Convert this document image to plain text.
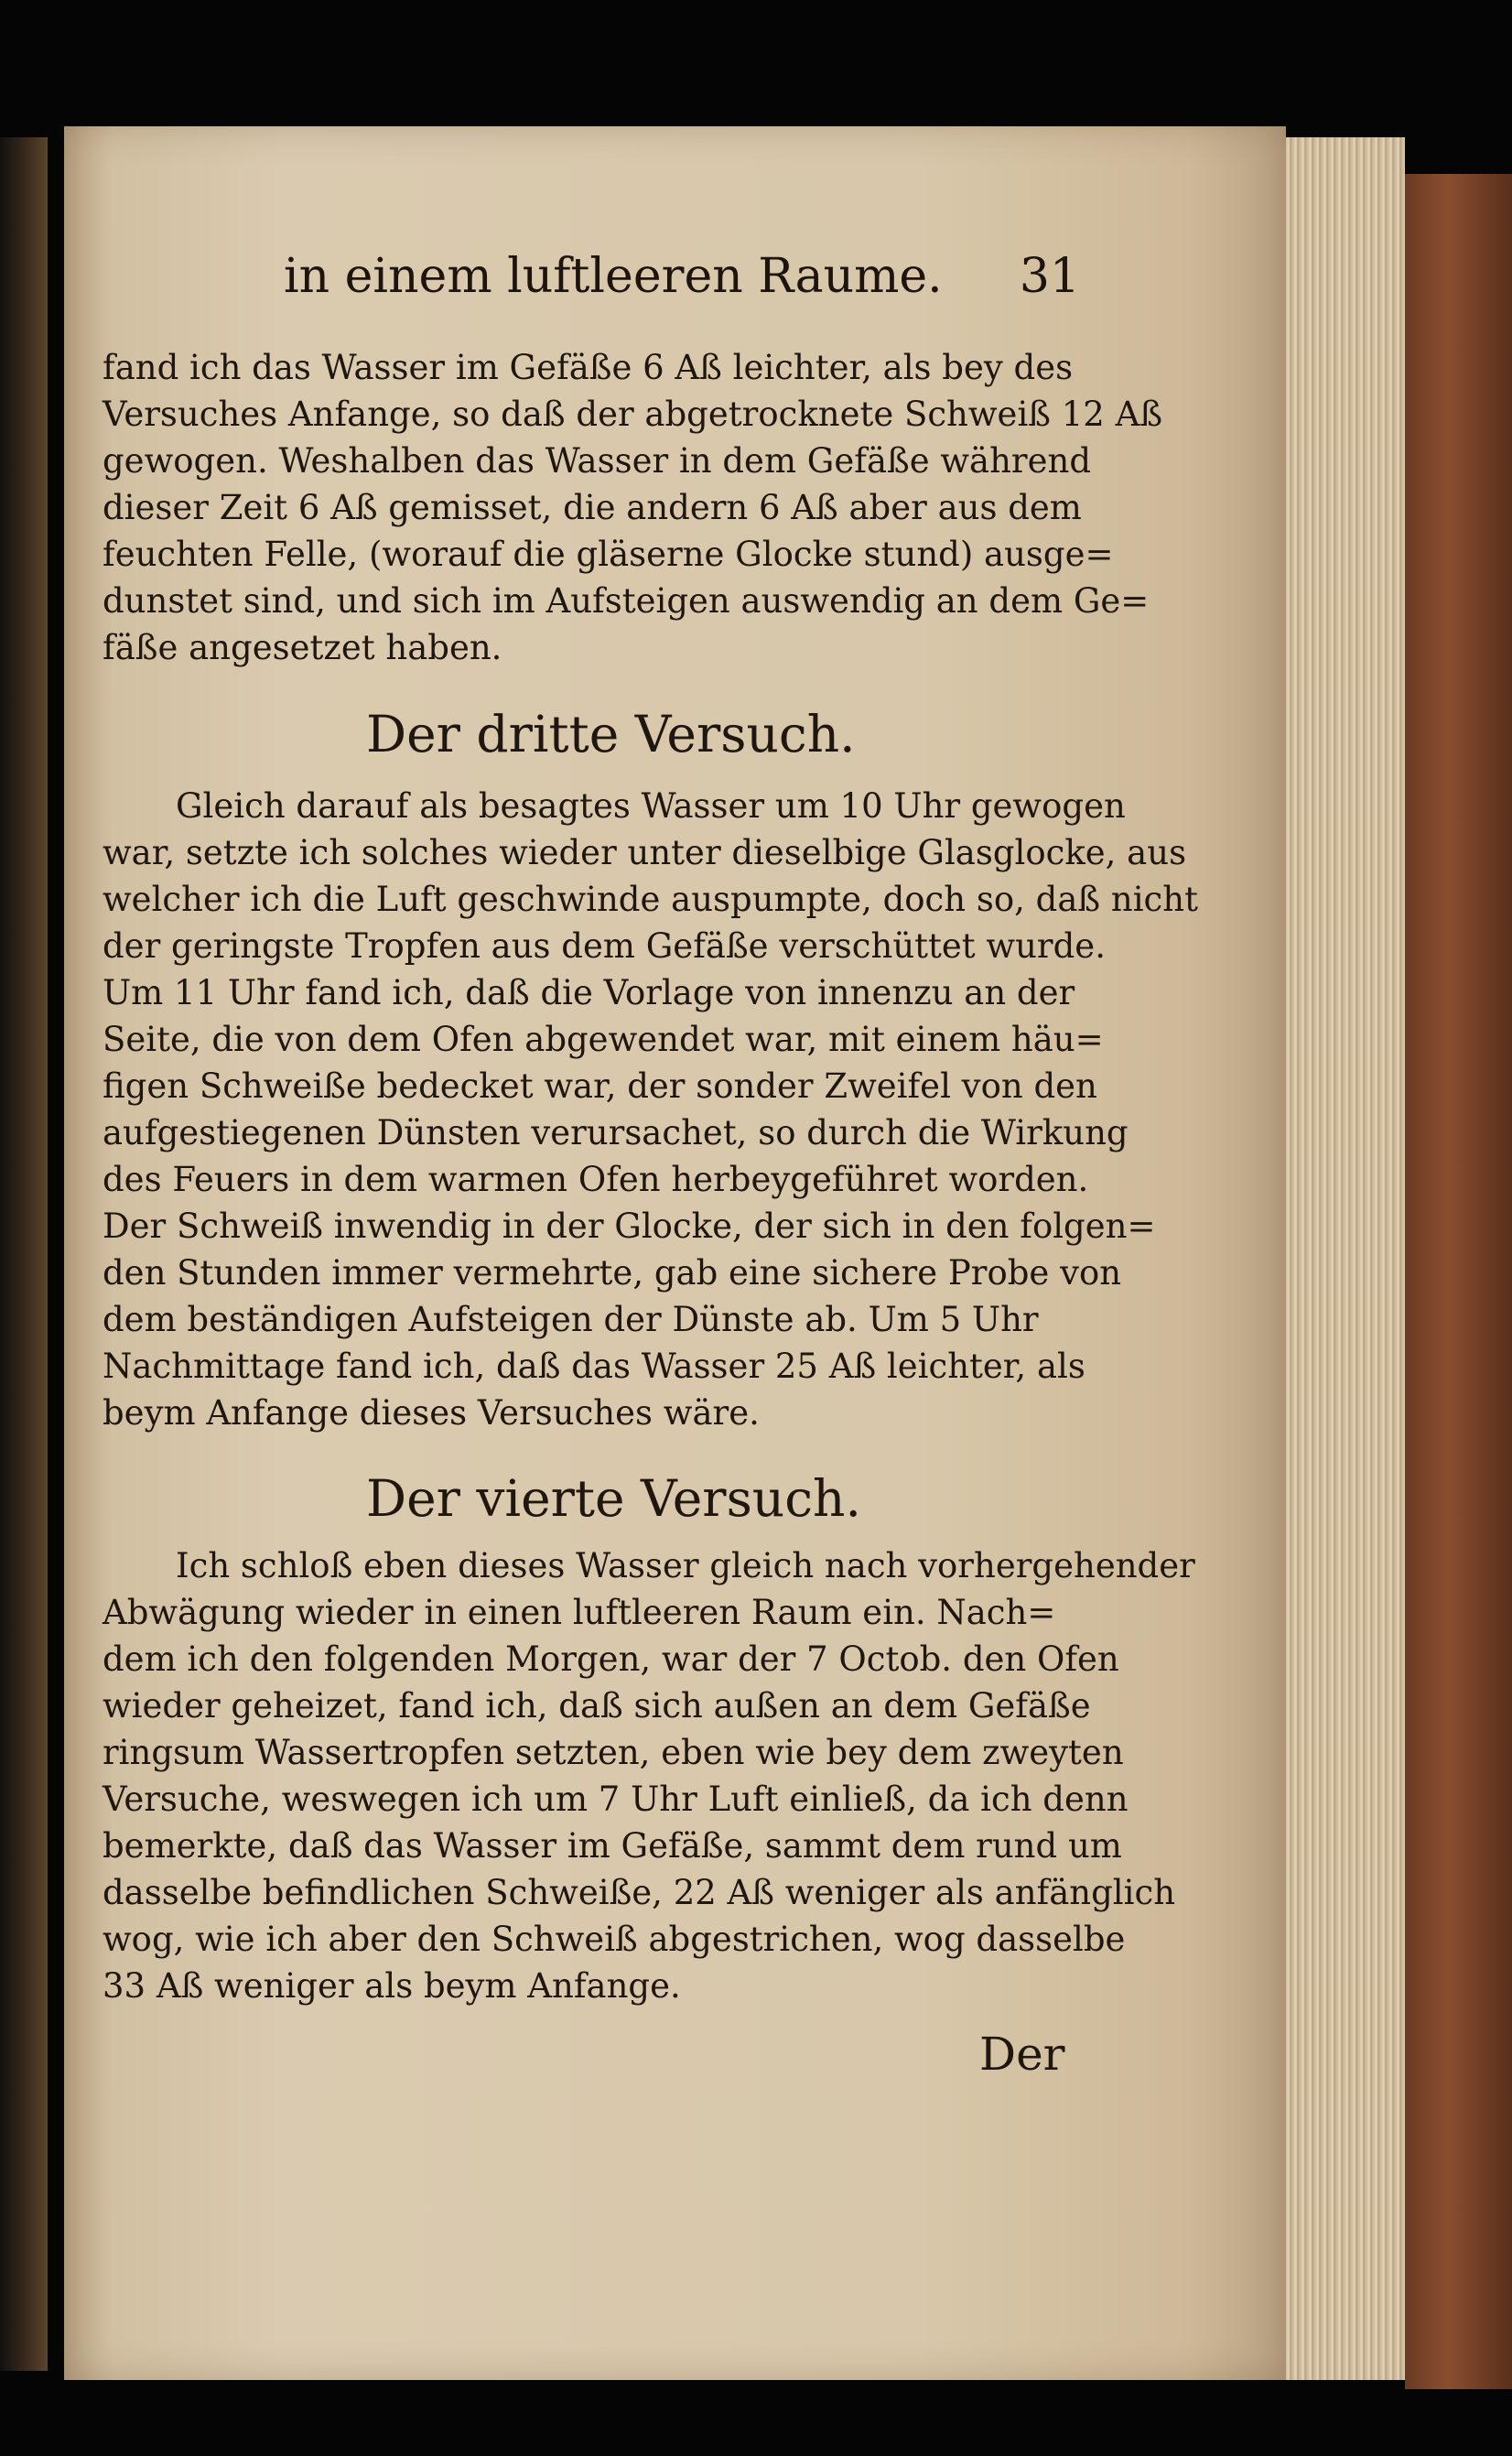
in einem luftleeren Raume. 31
fand ich das Wasser im Gefäße 6 Aß leichter, als bey des
Versuches Anfange, so daß der abgetrocknete Schweiß 12 Aß
gewogen. Weshalben das Wasser in dem Gefäße während
dieser Zeit 6 Aß gemisset, die andern 6 Aß aber aus dem
feuchten Felle, (worauf die gläserne Glocke stund) ausge=
dunstet sind, und sich im Aufsteigen auswendig an dem Ge=
fäße angesetzet haben.
Der dritte Versuch.
Gleich darauf als besagtes Wasser um 10 Uhr gewogen
war, setzte ich solches wieder unter dieselbige Glasglocke, aus
welcher ich die Luft geschwinde auspumpte, doch so, daß nicht
der geringste Tropfen aus dem Gefäße verschüttet wurde.
Um 11 Uhr fand ich, daß die Vorlage von innenzu an der
Seite, die von dem Ofen abgewendet war, mit einem häu=
figen Schweiße bedecket war, der sonder Zweifel von den
aufgestiegenen Dünsten verursachet, so durch die Wirkung
des Feuers in dem warmen Ofen herbeygeführet worden.
Der Schweiß inwendig in der Glocke, der sich in den folgen=
den Stunden immer vermehrte, gab eine sichere Probe von
dem beständigen Aufsteigen der Dünste ab. Um 5 Uhr
Nachmittage fand ich, daß das Wasser 25 Aß leichter, als
beym Anfange dieses Versuches wäre.
Der vierte Versuch.
Ich schloß eben dieses Wasser gleich nach vorhergehender
Abwägung wieder in einen luftleeren Raum ein. Nach=
dem ich den folgenden Morgen, war der 7 Octob. den Ofen
wieder geheizet, fand ich, daß sich außen an dem Gefäße
ringsum Wassertropfen setzten, eben wie bey dem zweyten
Versuche, weswegen ich um 7 Uhr Luft einließ, da ich denn
bemerkte, daß das Wasser im Gefäße, sammt dem rund um
dasselbe befindlichen Schweiße, 22 Aß weniger als anfänglich
wog, wie ich aber den Schweiß abgestrichen, wog dasselbe
33 Aß weniger als beym Anfange.
Der
